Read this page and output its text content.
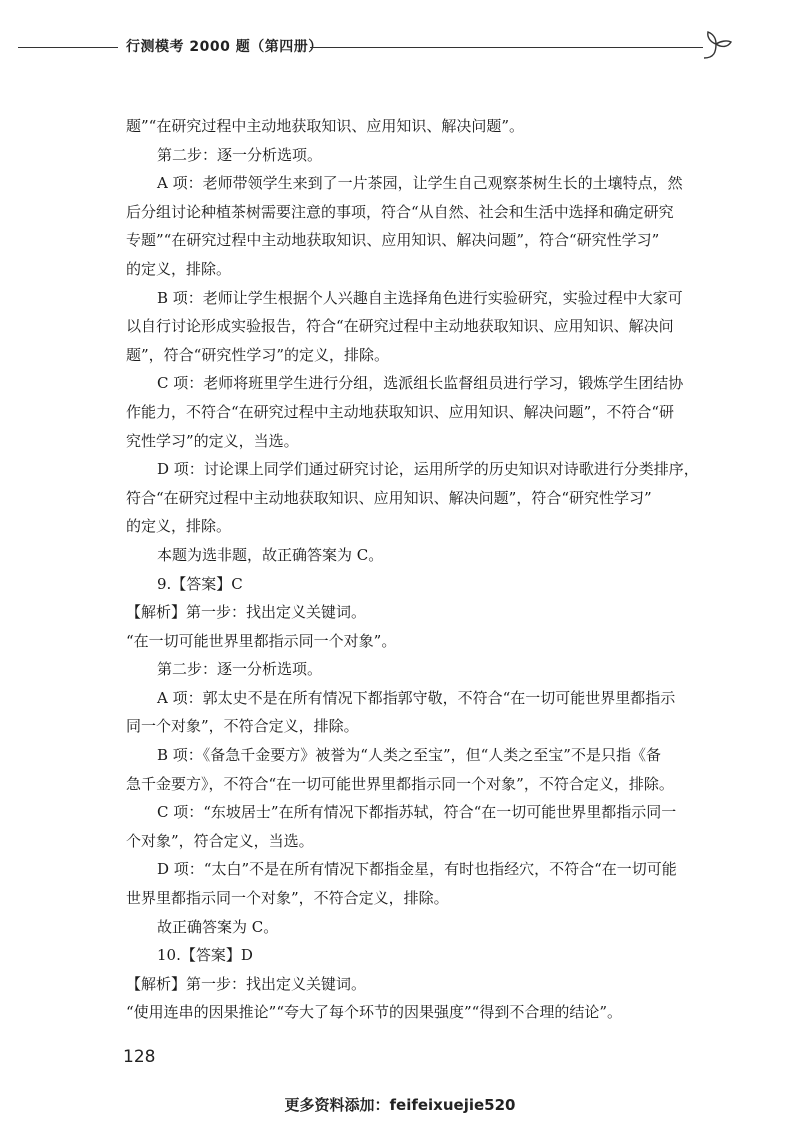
行测模考 2000 题（第四册）
题”“在研究过程中主动地获取知识、应用知识、解决问题”。
第二步：逐一分析选项。
A 项：老师带领学生来到了一片茶园，让学生自己观察茶树生长的土壤特点，然
后分组讨论种植茶树需要注意的事项，符合“从自然、社会和生活中选择和确定研究
专题”“在研究过程中主动地获取知识、应用知识、解决问题”，符合“研究性学习”
的定义，排除。
B 项：老师让学生根据个人兴趣自主选择角色进行实验研究，实验过程中大家可
以自行讨论形成实验报告，符合“在研究过程中主动地获取知识、应用知识、解决问
题”，符合“研究性学习”的定义，排除。
C 项：老师将班里学生进行分组，选派组长监督组员进行学习，锻炼学生团结协
作能力，不符合“在研究过程中主动地获取知识、应用知识、解决问题”，不符合“研
究性学习”的定义，当选。
D 项：讨论课上同学们通过研究讨论，运用所学的历史知识对诗歌进行分类排序，
符合“在研究过程中主动地获取知识、应用知识、解决问题”，符合“研究性学习”
的定义，排除。
本题为选非题，故正确答案为 C。
9.【答案】C
【解析】第一步：找出定义关键词。
“在一切可能世界里都指示同一个对象”。
第二步：逐一分析选项。
A 项：郭太史不是在所有情况下都指郭守敬，不符合“在一切可能世界里都指示
同一个对象”，不符合定义，排除。
B 项：《备急千金要方》被誉为“人类之至宝”，但“人类之至宝”不是只指《备
急千金要方》，不符合“在一切可能世界里都指示同一个对象”，不符合定义，排除。
C 项：“东坡居士”在所有情况下都指苏轼，符合“在一切可能世界里都指示同一
个对象”，符合定义，当选。
D 项：“太白”不是在所有情况下都指金星，有时也指经穴，不符合“在一切可能
世界里都指示同一个对象”，不符合定义，排除。
故正确答案为 C。
10.【答案】D
【解析】第一步：找出定义关键词。
“使用连串的因果推论”“夸大了每个环节的因果强度”“得到不合理的结论”。
128
更多资料添加：feifeixuejie520
